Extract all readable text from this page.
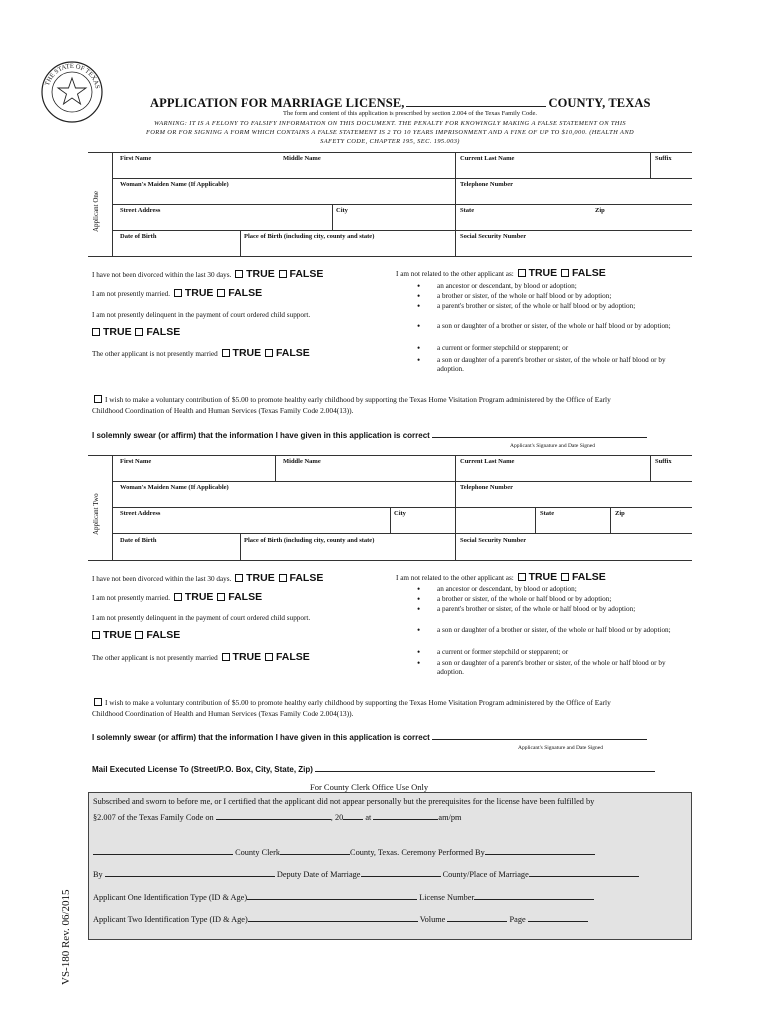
THE STATE OF TEXAS
APPLICATION FOR MARRIAGE LICENSE,	COUNTY, TEXAS
The form and content of this application is prescribed by section 2.004 of the Texas Family Code.
WARNING: IT IS A FELONY TO FALSIFY INFORMATION ON THIS DOCUMENT. THE PENALTY FOR KNOWINGLY MAKING A FALSE STATEMENT ON THIS
FORM OR FOR SIGNING A FORM WHICH CONTAINS A FALSE STATEMENT IS 2 TO 10 YEARS IMPRISONMENT AND A FINE OF UP TO $10,000. (HEALTH AND
SAFETY CODE, CHAPTER 195, SEC. 195.003)
Applicant One
First Name	Middle Name	Current Last Name	Suffix
Woman's Maiden Name (If Applicable)	Telephone Number
Street Address	City	State	Zip
Date of Birth	Place of Birth (including city, county and state)	Social Security Number
I have not been divorced within the last 30 days. TRUE FALSE
I am not presently married. TRUE FALSE
I am not presently delinquent in the payment of court ordered child support.
TRUE FALSE
The other applicant is not presently married TRUE FALSE
I am not related to the other applicant as: TRUE FALSE
• an ancestor or descendant, by blood or adoption;
• a brother or sister, of the whole or half blood or by adoption;
• a parent's brother or sister, of the whole or half blood or by adoption;
• a son or daughter of a brother or sister, of the whole or half blood or by adoption;
• a current or former stepchild or stepparent; or
• a son or daughter of a parent's brother or sister, of the whole or half blood or by adoption.
I wish to make a voluntary contribution of $5.00 to promote healthy early childhood by supporting the Texas Home Visitation Program administered by the Office of Early
Childhood Coordination of Health and Human Services (Texas Family Code 2.004(13)).
I solemnly swear (or affirm) that the information I have given in this application is correct
Applicant's Signature and Date Signed
Applicant Two
First Name	Middle Name	Current Last Name	Suffix
Woman's Maiden Name (If Applicable)	Telephone Number
Street Address	City	State	Zip
Date of Birth	Place of Birth (including city, county and state)	Social Security Number
I have not been divorced within the last 30 days. TRUE FALSE
I am not presently married. TRUE FALSE
I am not presently delinquent in the payment of court ordered child support.
TRUE FALSE
The other applicant is not presently married TRUE FALSE
I am not related to the other applicant as: TRUE FALSE
• an ancestor or descendant, by blood or adoption;
• a brother or sister, of the whole or half blood or by adoption;
• a parent's brother or sister, of the whole or half blood or by adoption;
• a son or daughter of a brother or sister, of the whole or half blood or by adoption;
• a current or former stepchild or stepparent; or
• a son or daughter of a parent's brother or sister, of the whole or half blood or by adoption.
I wish to make a voluntary contribution of $5.00 to promote healthy early childhood by supporting the Texas Home Visitation Program administered by the Office of Early
Childhood Coordination of Health and Human Services (Texas Family Code 2.004(13)).
I solemnly swear (or affirm) that the information I have given in this application is correct
Applicant's Signature and Date Signed
Mail Executed License To (Street/P.O. Box, City, State, Zip)
For County Clerk Office Use Only
Subscribed and sworn to before me, or I certified that the applicant did not appear personally but the prerequisites for the license have been fulfilled by
§2.007 of the Texas Family Code on	, 20	at	am/pm
County Clerk	County, Texas. Ceremony Performed By
By	Deputy Date of Marriage	County/Place of Marriage
Applicant One Identification Type (ID & Age)	License Number
Applicant Two Identification Type (ID & Age)	Volume	Page
VS-180 Rev. 06/2015
